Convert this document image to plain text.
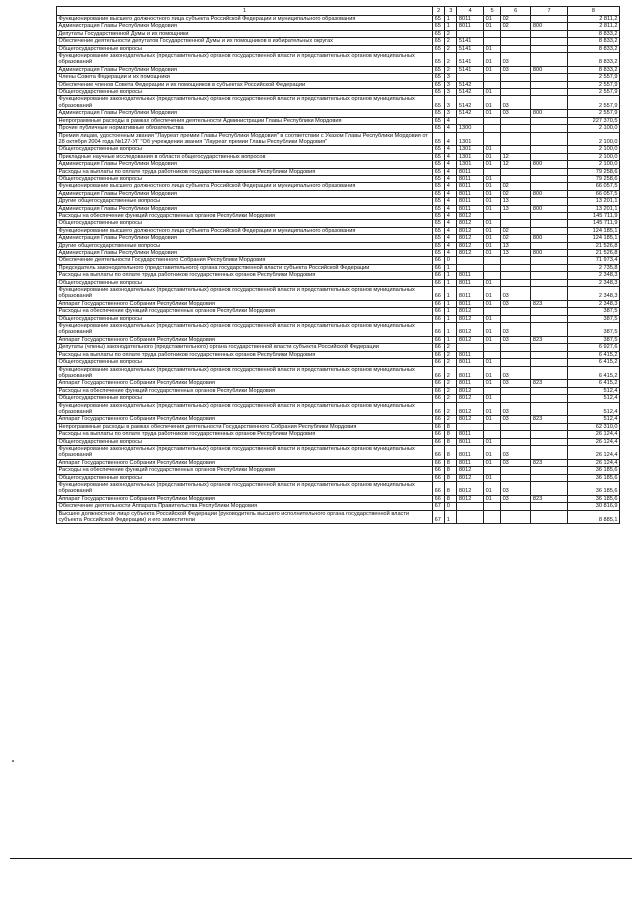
1	2	3	4	5	6	7	8
Функционирование высшего должностного лица субъекта Российской Федерации и муниципального образования	65	1	8011	01	02		2 811,2
Администрация Главы Республики Мордовия	65	1	8011	01	02	800	2 811,2
Депутаты Государственной Думы и их помощники	65	2					8 833,2
Обеспечение деятельности депутатов Государственной Думы и их помощников в избирательных округах	65	2	5141				8 833,2
Общегосударственные вопросы	65	2	5141	01			8 833,2
Функционирование законодательных (представительных) органов государственной власти и представительных органов муниципальных образований	65	2	5141	01	03		8 833,2
Администрация Главы Республики Мордовия	65	2	5141	01	03	800	8 833,2
Члены Совета Федерации и их помощники	65	3					2 557,9
Обеспечение членов Совета Федерации и их помощников в субъектах Российской Федерации	65	3	5142				2 557,9
Общегосударственные вопросы	65	3	5142	01			2 557,9
Функционирование законодательных (представительных) органов государственной власти и представительных органов муниципальных образований	65	3	5142	01	03		2 557,9
Администрация Главы Республики Мордовия	65	3	5142	01	03	800	2 557,9
Непрограммные расходы в рамках обеспечения деятельности Администрации Главы Республики Мордовия	65	4					227 370,5
Прочие публичные нормативные обязательства	65	4	1300				2 100,0
Премия лицам, удостоенным звания "Лауреат премии Главы Республики Мордовия" в соответствии с Указом Главы Республики Мордовия от 28 октября 2004 года №127-УГ "Об учреждении звания "Лауреат премии Главы Республики Мордовия"	65	4	1301				2 100,0
Общегосударственные вопросы	65	4	1301	01			2 100,0
Прикладные научные исследования в области общегосударственных вопросов	65	4	1301	01	12		2 100,0
Администрация Главы Республики Мордовия	65	4	1301	01	12	800	2 100,0
Расходы на выплаты по оплате труда работников государственных органов Республики Мордовия	65	4	8011				79 258,6
Общегосударственные вопросы	65	4	8011	01			79 258,6
Функционирование высшего должностного лица субъекта Российской Федерации и муниципального образования	65	4	8011	01	02		66 057,5
Администрация Главы Республики Мордовия	65	4	8011	01	02	800	66 057,5
Другие общегосударственные вопросы	65	4	8011	01	13		13 201,1
Администрация Главы Республики Мордовия	65	4	8011	01	13	800	13 201,1
Расходы на обеспечение функций государственных органов Республики Мордовия	65	4	8012				145 711,9
Общегосударственные вопросы	65	4	8012	01			145 711,9
Функционирование высшего должностного лица субъекта Российской Федерации и муниципального образования	65	4	8012	01	02		124 185,1
Администрация Главы Республики Мордовия	65	4	8012	01	02	800	124 185,1
Другие общегосударственные вопросы	65	4	8012	01	13		21 526,8
Администрация Главы Республики Мордовия	65	4	8012	01	13	800	21 526,8
Обеспечение деятельности Государственного Собрания Республики Мордовия	66	0					71 973,4
Председатель законодательного (представительного) органа государственной власти субъекта Российской Федерации	66	1					2 735,8
Расходы на выплаты по оплате труда работников государственных органов Республики Мордовия	66	1	8011				2 348,3
Общегосударственные вопросы	66	1	8011	01			2 348,3
Функционирование законодательных (представительных) органов государственной власти и представительных органов муниципальных образований	66	1	8011	01	03		2 348,3
Аппарат Государственного Собрания Республики Мордовия	66	1	8011	01	03	823	2 348,3
Расходы на обеспечение функций государственных органов Республики Мордовия	66	1	8012				387,5
Общегосударственные вопросы	66	1	8012	01			387,5
Функционирование законодательных (представительных) органов государственной власти и представительных органов муниципальных образований	66	1	8012	01	03		387,5
Аппарат Государственного Собрания Республики Мордовия	66	1	8012	01	03	823	387,5
Депутаты (члены) законодательного (представительного) органа государственной власти субъекта Российской Федерации	66	2					6 927,6
Расходы на выплаты по оплате труда работников государственных органов Республики Мордовия	66	2	8011				6 415,2
Общегосударственные вопросы	66	2	8011	01			6 415,2
Функционирование законодательных (представительных) органов государственной власти и представительных органов муниципальных образований	66	2	8011	01	03		6 415,2
Аппарат Государственного Собрания Республики Мордовия	66	2	8011	01	03	823	6 415,2
Расходы на обеспечение функций государственных органов Республики Мордовия	66	2	8012				512,4
Общегосударственные вопросы	66	2	8012	01			512,4
Функционирование законодательных (представительных) органов государственной власти и представительных органов муниципальных образований	66	2	8012	01	03		512,4
Аппарат Государственного Собрания Республики Мордовия	66	2	8012	01	03	823	512,4
Непрограммные расходы в рамках обеспечения деятельности Государственного Собрания Республики Мордовия	66	8					62 310,0
Расходы на выплаты по оплате труда работников государственных органов Республики Мордовия	66	8	8011				26 124,4
Общегосударственные вопросы	66	8	8011	01			26 124,4
Функционирование законодательных (представительных) органов государственной власти и представительных органов муниципальных образований	66	8	8011	01	03		26 124,4
Аппарат Государственного Собрания Республики Мордовия	66	8	8011	01	03	823	26 124,4
Расходы на обеспечение функций государственных органов Республики Мордовия	66	8	8012				36 185,6
Общегосударственные вопросы	66	8	8012	01			36 185,6
Функционирование законодательных (представительных) органов государственной власти и представительных органов муниципальных образований	66	8	8012	01	03		36 185,6
Аппарат Государственного Собрания Республики Мордовия	66	8	8012	01	03	823	36 185,6
Обеспечение деятельности Аппарата Правительства Республики Мордовия	67	0					30 816,9
Высшее должностное лицо субъекта Российской Федерации (руководитель высшего исполнительного органа государственной власти субъекта Российской Федерации) и его заместители	67	1					8 885,1
